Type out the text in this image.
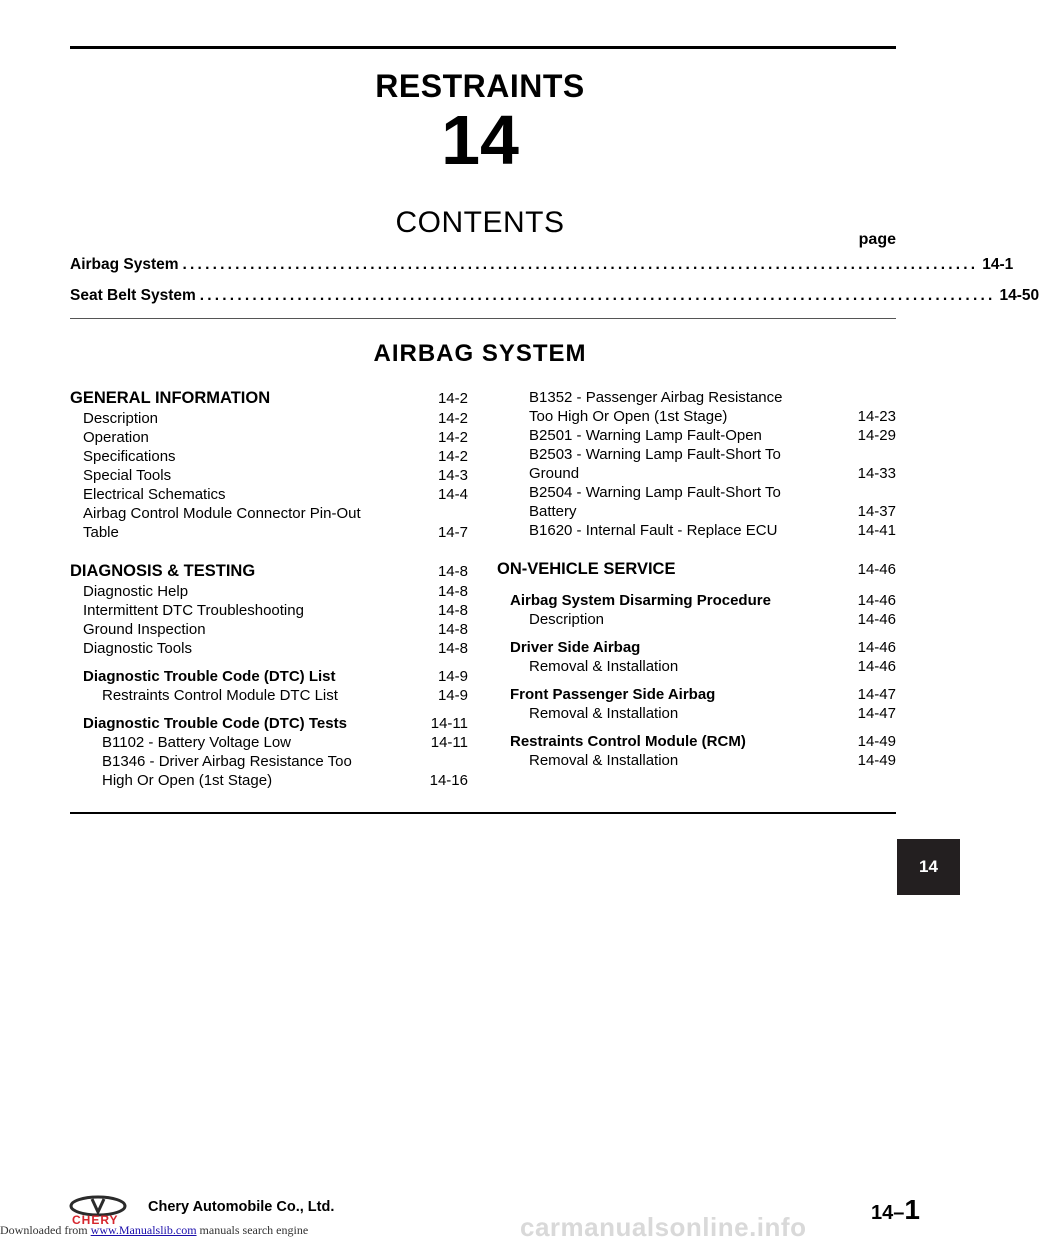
RESTRAINTS
14
CONTENTS
page
Airbag System .......................................................................................................... 14-1
Seat Belt System .......................................................................................................... 14-50
AIRBAG SYSTEM
GENERAL INFORMATION	14-2
Description	14-2
Operation	14-2
Specifications	14-2
Special Tools	14-3
Electrical Schematics	14-4
Airbag Control Module Connector Pin-Out
Table	14-7
DIAGNOSIS & TESTING	14-8
Diagnostic Help	14-8
Intermittent DTC Troubleshooting	14-8
Ground Inspection	14-8
Diagnostic Tools	14-8
Diagnostic Trouble Code (DTC) List	14-9
Restraints Control Module DTC List	14-9
Diagnostic Trouble Code (DTC) Tests	14-11
B1102 - Battery Voltage Low	14-11
B1346 - Driver Airbag Resistance Too
High Or Open (1st Stage)	14-16
B1352 - Passenger Airbag Resistance
Too High Or Open (1st Stage)	14-23
B2501 - Warning Lamp Fault-Open	14-29
B2503 - Warning Lamp Fault-Short To
Ground	14-33
B2504 - Warning Lamp Fault-Short To
Battery	14-37
B1620 - Internal Fault - Replace ECU	14-41
ON-VEHICLE SERVICE	14-46
Airbag System Disarming Procedure	14-46
Description	14-46
Driver Side Airbag	14-46
Removal & Installation	14-46
Front Passenger Side Airbag	14-47
Removal & Installation	14-47
Restraints Control Module (RCM)	14-49
Removal & Installation	14-49
14
CHERY
Chery Automobile Co., Ltd.	14–1
carmanualsonline.info
Downloaded from www.Manualslib.com manuals search engine
